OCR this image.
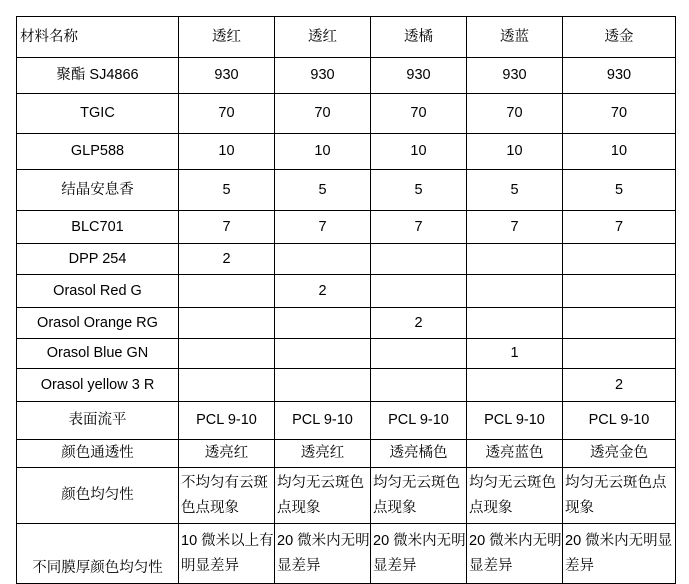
材料名称	透红	透红	透橘	透蓝	透金
聚酯 SJ4866	930	930	930	930	930
TGIC	70	70	70	70	70
GLP588	10	10	10	10	10
结晶安息香	5	5	5	5	5
BLC701	7	7	7	7	7
DPP 254	2				
Orasol Red G		2			
Orasol Orange RG			2		
Orasol Blue GN				1	
Orasol yellow 3 R					2
表面流平	PCL 9-10	PCL 9-10	PCL 9-10	PCL 9-10	PCL 9-10
颜色通透性	透亮红	透亮红	透亮橘色	透亮蓝色	透亮金色
颜色均匀性	不均匀有云斑色点现象	均匀无云斑色点现象	均匀无云斑色点现象	均匀无云斑色点现象	均匀无云斑色点现象
不同膜厚颜色均匀性	10 微米以上有明显差异	20 微米内无明显差异	20 微米内无明显差异	20 微米内无明显差异	20 微米内无明显差异
